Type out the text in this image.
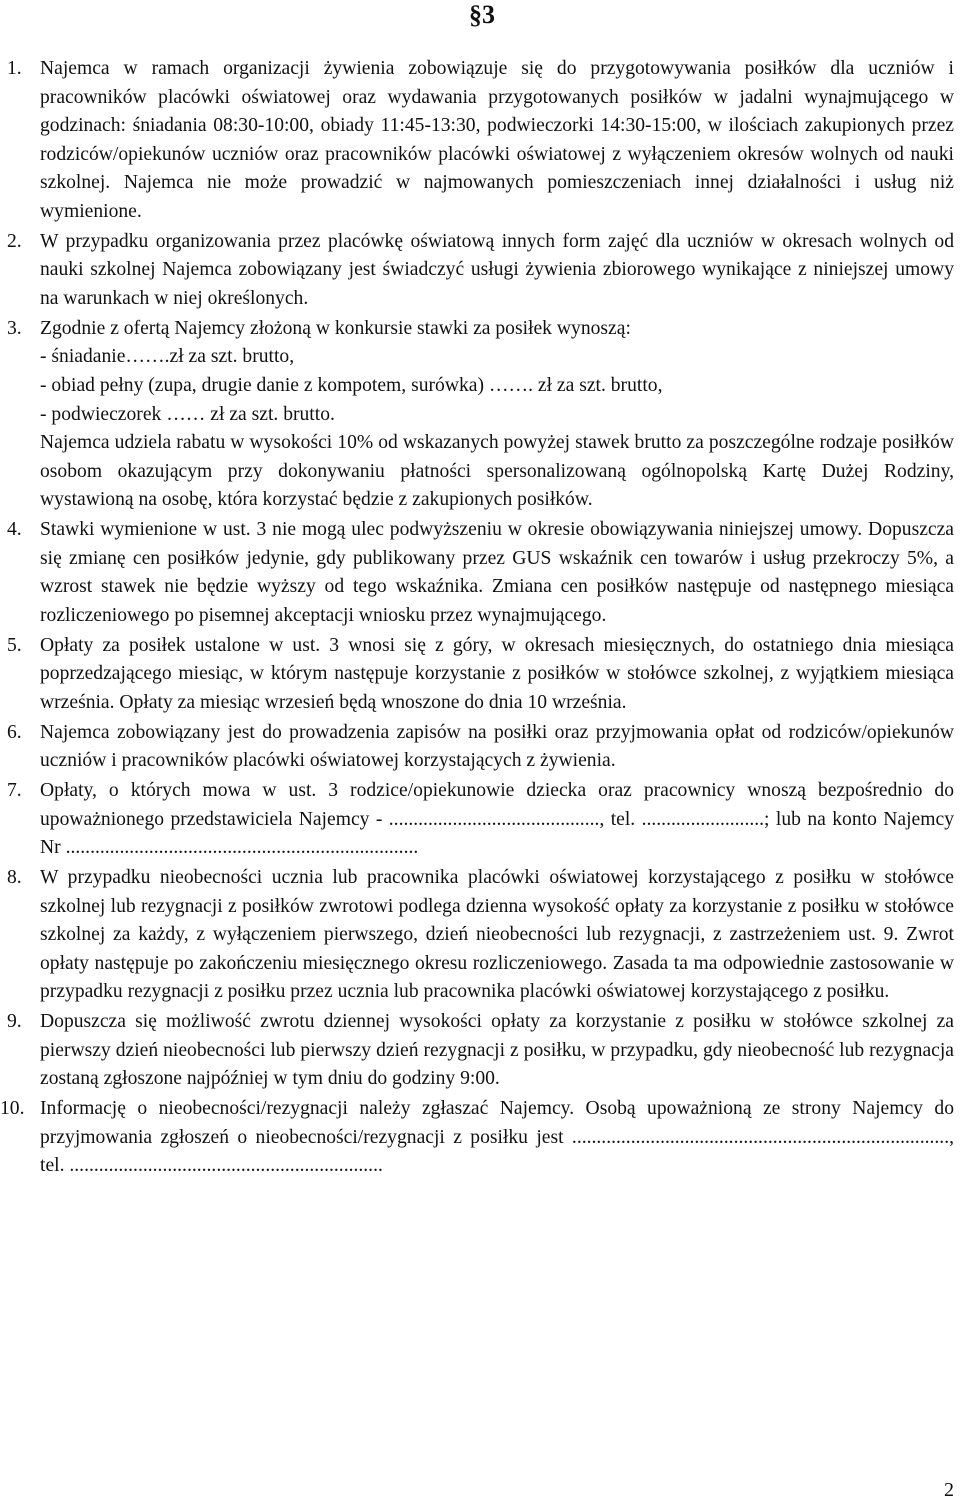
§3
1. Najemca w ramach organizacji żywienia zobowiązuje się do przygotowywania posiłków dla uczniów i pracowników placówki oświatowej oraz wydawania przygotowanych posiłków w jadalni wynajmującego w godzinach: śniadania 08:30-10:00, obiady 11:45-13:30, podwieczorki 14:30-15:00, w ilościach zakupionych przez rodziców/opiekunów uczniów oraz pracowników placówki oświatowej z wyłączeniem okresów wolnych od nauki szkolnej. Najemca nie może prowadzić w najmowanych pomieszczeniach innej działalności i usług niż wymienione.

2. W przypadku organizowania przez placówkę oświatową innych form zajęć dla uczniów w okresach wolnych od nauki szkolnej Najemca zobowiązany jest świadczyć usługi żywienia zbiorowego wynikające z niniejszej umowy na warunkach w niej określonych.

3. Zgodnie z ofertą Najemcy złożoną w konkursie stawki za posiłek wynoszą:

- śniadanie…….zł za szt. brutto,
- obiad pełny (zupa, drugie danie z kompotem, surówka) ……. zł za szt. brutto,
- podwieczorek …… zł za szt. brutto.

Najemca udziela rabatu w wysokości 10% od wskazanych powyżej stawek brutto za poszczególne rodzaje posiłków osobom okazującym przy dokonywaniu płatności spersonalizowaną ogólnopolską Kartę Dużej Rodziny, wystawioną na osobę, która korzystać będzie z zakupionych posiłków.

4. Stawki wymienione w ust. 3 nie mogą ulec podwyższeniu w okresie obowiązywania niniejszej umowy. Dopuszcza się zmianę cen posiłków jedynie, gdy publikowany przez GUS wskaźnik cen towarów i usług przekroczy 5%, a wzrost stawek nie będzie wyższy od tego wskaźnika. Zmiana cen posiłków następuje od następnego miesiąca rozliczeniowego po pisemnej akceptacji wniosku przez wynajmującego.

5. Opłaty za posiłek ustalone w ust. 3 wnosi się z góry, w okresach miesięcznych, do ostatniego dnia miesiąca poprzedzającego miesiąc, w którym następuje korzystanie z posiłków w stołówce szkolnej, z wyjątkiem miesiąca września. Opłaty za miesiąc wrzesień będą wnoszone do dnia 10 września.

6. Najemca zobowiązany jest do prowadzenia zapisów na posiłki oraz przyjmowania opłat od rodziców/opiekunów uczniów i pracowników placówki oświatowej korzystających z żywienia.

7. Opłaty, o których mowa w ust. 3 rodzice/opiekunowie dziecka oraz pracownicy wnoszą bezpośrednio do upoważnionego przedstawiciela Najemcy - ..........................................., tel. .........................; lub na konto Najemcy Nr ........................................................................

8. W przypadku nieobecności ucznia lub pracownika placówki oświatowej korzystającego z posiłku w stołówce szkolnej lub rezygnacji z posiłków zwrotowi podlega dzienna wysokość opłaty za korzystanie z posiłku w stołówce szkolnej za każdy, z wyłączeniem pierwszego, dzień nieobecności lub rezygnacji, z zastrzeżeniem ust. 9. Zwrot opłaty następuje po zakończeniu miesięcznego okresu rozliczeniowego. Zasada ta ma odpowiednie zastosowanie w przypadku rezygnacji z posiłku przez ucznia lub pracownika placówki oświatowej korzystającego z posiłku.

9. Dopuszcza się możliwość zwrotu dziennej wysokości opłaty za korzystanie z posiłku w stołówce szkolnej za pierwszy dzień nieobecności lub pierwszy dzień rezygnacji z posiłku, w przypadku, gdy nieobecność lub rezygnacja zostaną zgłoszone najpóźniej w tym dniu do godziny 9:00.

10. Informację o nieobecności/rezygnacji należy zgłaszać Najemcy. Osobą upoważnioną ze strony Najemcy do przyjmowania zgłoszeń o nieobecności/rezygnacji z posiłku jest ............................................................................., tel. ................................................................

2
